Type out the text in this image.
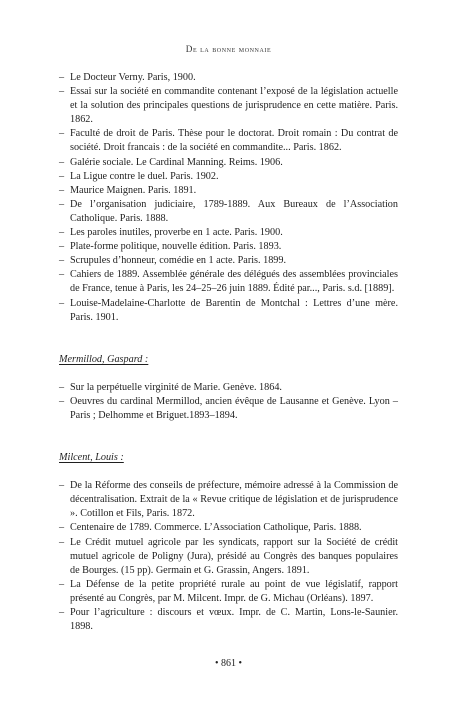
De la bonne monnaie

– Le Docteur Verny. Paris, 1900.

– Essai sur la société en commandite contenant l’exposé de la législation actuelle et la solution des principales questions de jurisprudence en cette matière. Paris. 1862.

– Faculté de droit de Paris. Thèse pour le doctorat. Droit romain : Du contrat de société. Droit francais : de la société en commandite... Paris. 1862.

– Galérie sociale. Le Cardinal Manning. Reims. 1906.

– La Ligue contre le duel. Paris. 1902.

– Maurice Maignen. Paris. 1891.

– De l’organisation judiciaire, 1789-1889. Aux Bureaux de l’Association Catholique. Paris. 1888.

– Les paroles inutiles, proverbe en 1 acte. Paris. 1900.

– Plate-forme politique, nouvelle édition. Paris. 1893.

– Scrupules d’honneur, comédie en 1 acte. Paris. 1899.

– Cahiers de 1889. Assemblée générale des délégués des assemblées provinciales de France, tenue à Paris, les 24–25–26 juin 1889. Édité par..., Paris. s.d. [1889].

– Louise-Madelaine-Charlotte de Barentin de Montchal : Lettres d’une mère. Paris. 1901.

Mermillod, Gaspard :

– Sur la perpétuelle virginité de Marie. Genève. 1864.

– Oeuvres du cardinal Mermillod, ancien évêque de Lausanne et Genève. Lyon – Paris ; Delhomme et Briguet.1893–1894.

Milcent, Louis :

– De la Réforme des conseils de préfecture, mémoire adressé à la Commission de décentralisation. Extrait de la « Revue critique de législation et de jurisprudence ». Cotillon et Fils, Paris. 1872.

– Centenaire de 1789. Commerce. L’Association Catholique, Paris. 1888.

– Le Crédit mutuel agricole par les syndicats, rapport sur la Société de crédit mutuel agricole de Poligny (Jura), présidé au Congrès des banques populaires de Bourges. (15 pp). Germain et G. Grassin, Angers. 1891.

– La Défense de la petite propriété rurale au point de vue législatif, rapport présenté au Congrès, par M. Milcent. Impr. de G. Michau (Orléans). 1897.

– Pour l’agriculture : discours et vœux. Impr. de C. Martin, Lons-le-Saunier. 1898.

• 861 •
